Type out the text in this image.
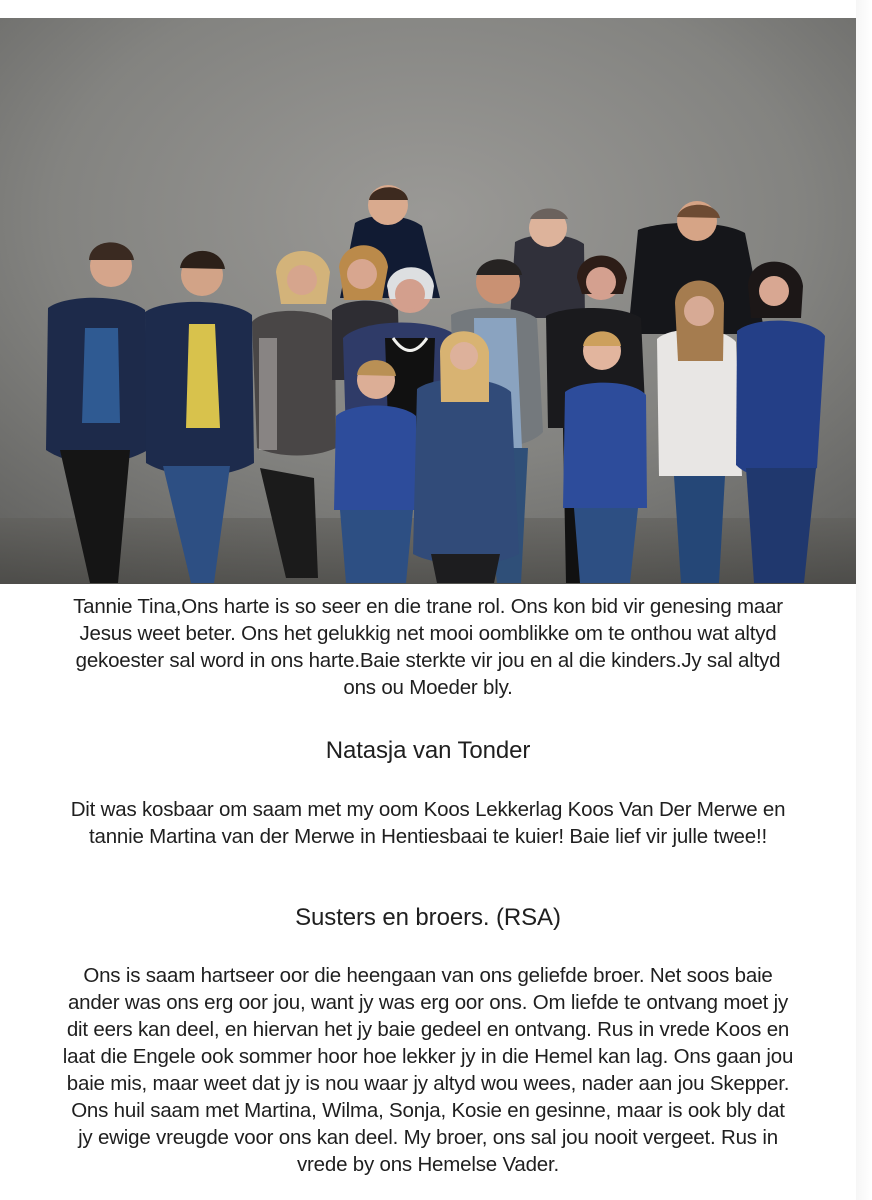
Tannie Tina,Ons harte is so seer en die trane rol. Ons kon bid vir genesing maar

Jesus weet beter. Ons het gelukkig net mooi oomblikke om te onthou wat altyd

gekoester sal word in ons harte.Baie sterkte vir jou en al die kinders.Jy sal altyd

ons ou Moeder bly.

Natasja van Tonder

Dit was kosbaar om saam met my oom Koos Lekkerlag Koos Van Der Merwe en

tannie Martina van der Merwe in Hentiesbaai te kuier! Baie lief vir julle twee!!

Susters en broers. (RSA)

Ons is saam hartseer oor die heengaan van ons geliefde broer. Net soos baie

ander was ons erg oor jou, want jy was erg oor ons. Om liefde te ontvang moet jy

dit eers kan deel, en hiervan het jy baie gedeel en ontvang. Rus in vrede Koos en

laat die Engele ook sommer hoor hoe lekker jy in die Hemel kan lag. Ons gaan jou

baie mis, maar weet dat jy is nou waar jy altyd wou wees, nader aan jou Skepper.

Ons huil saam met Martina, Wilma, Sonja, Kosie en gesinne, maar is ook bly dat

jy ewige vreugde voor ons kan deel. My broer, ons sal jou nooit vergeet. Rus in

vrede by ons Hemelse Vader.
